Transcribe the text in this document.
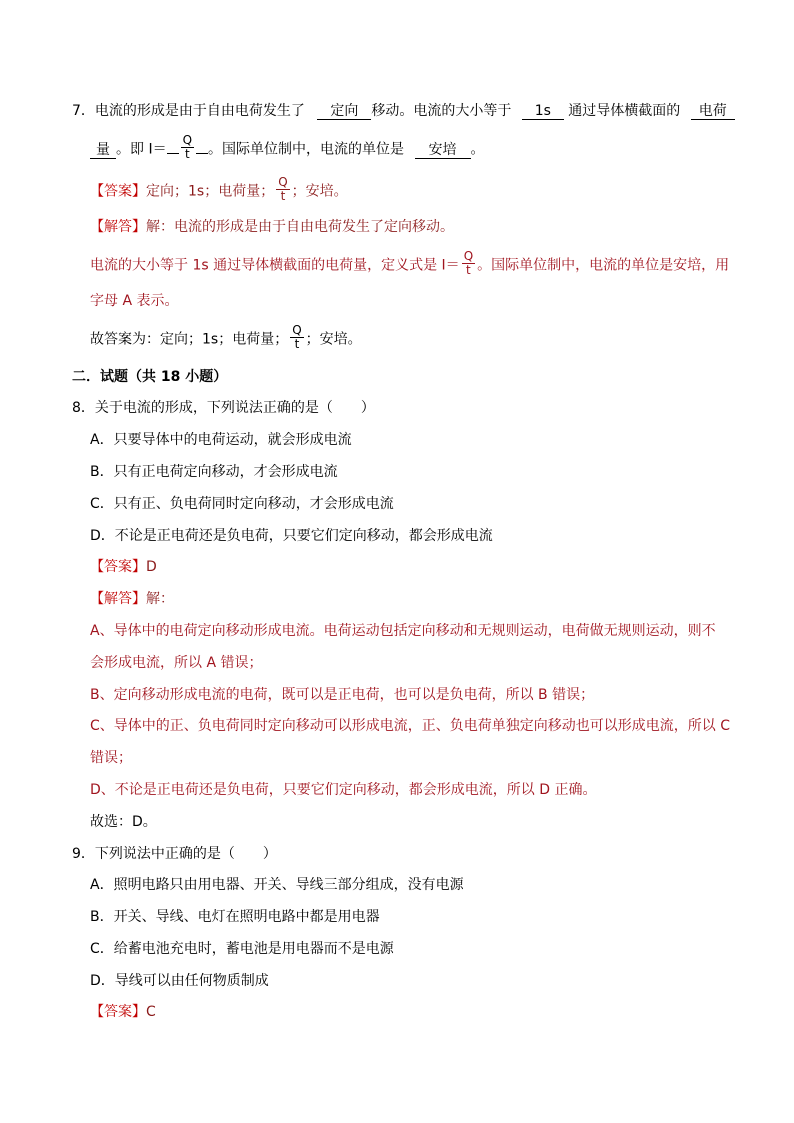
7．电流的形成是由于自由电荷发生了 定向 移动。电流的大小等于 1s 通过导体横截面的 电荷
量 。即 $I= \frac{Q}{t}$ 。国际单位制中，电流的单位是 安培 。
【答案】定向；1s；电荷量； $\frac{Q}{t}$ ；安培。
【解答】解：电流的形成是由于自由电荷发生了定向移动。
电流的大小等于 1s 通过导体横截面的电荷量，定义式是 $I= \frac{Q}{t}$ 。国际单位制中，电流的单位是安培，用
字母 A 表示。
故答案为：定向；1s；电荷量； $\frac{Q}{t}$ ；安培。
二．试题（共 18 小题）
8．关于电流的形成，下列说法正确的是（　　）
A．只要导体中的电荷运动，就会形成电流
B．只有正电荷定向移动，才会形成电流
C．只有正、负电荷同时定向移动，才会形成电流
D．不论是正电荷还是负电荷，只要它们定向移动，都会形成电流
【答案】D
【解答】解：
A、导体中的电荷定向移动形成电流。电荷运动包括定向移动和无规则运动，电荷做无规则运动，则不
会形成电流，所以 A 错误；
B、定向移动形成电流的电荷，既可以是正电荷，也可以是负电荷，所以 B 错误；
C、导体中的正、负电荷同时定向移动可以形成电流，正、负电荷单独定向移动也可以形成电流，所以 C
错误；
D、不论是正电荷还是负电荷，只要它们定向移动，都会形成电流，所以 D 正确。
故选：D。
9．下列说法中正确的是（　　）
A．照明电路只由用电器、开关、导线三部分组成，没有电源
B．开关、导线、电灯在照明电路中都是用电器
C．给蓄电池充电时，蓄电池是用电器而不是电源
D．导线可以由任何物质制成
【答案】C
